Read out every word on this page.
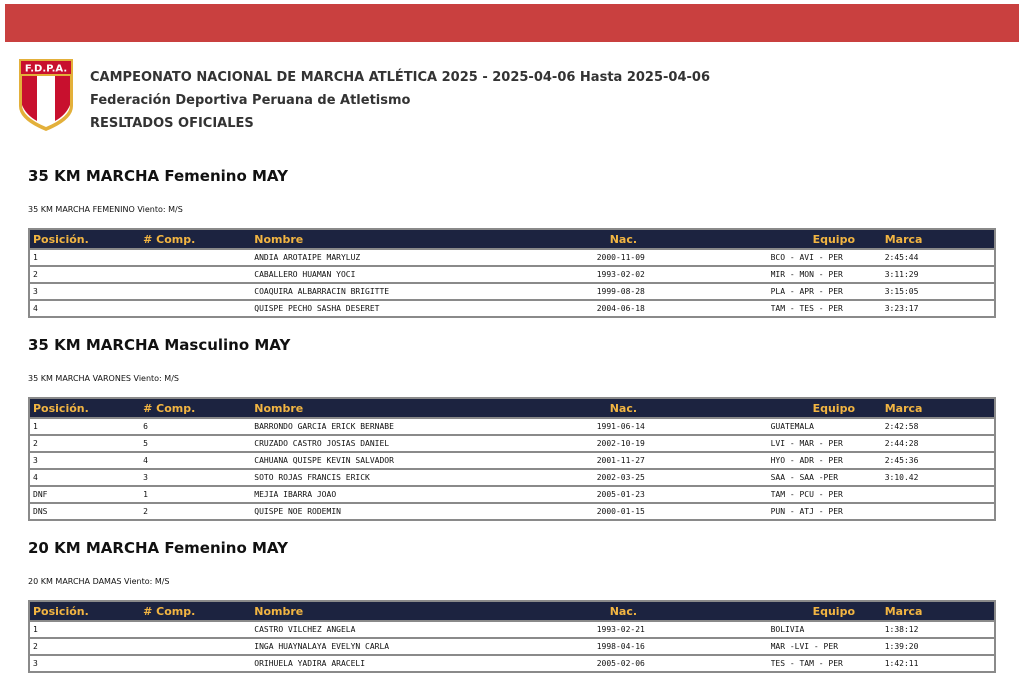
F.D.P.A.
CAMPEONATO NACIONAL DE MARCHA ATLÉTICA 2025 - 2025-04-06 Hasta 2025-04-06
Federación Deportiva Peruana de Atletismo
RESLTADOS OFICIALES
35 KM MARCHA Femenino MAY
35 KM MARCHA FEMENINO Viento: M/S
Posición.	# Comp.	Nombre	Nac.	Equipo	Marca
1		ANDIA AROTAIPE MARYLUZ	2000-11-09	BCO - AVI - PER	2:45:44
2		CABALLERO HUAMAN YOCI	1993-02-02	MIR - MON - PER	3:11:29
3		COAQUIRA ALBARRACIN BRIGITTE	1999-08-28	PLA - APR - PER	3:15:05
4		QUISPE PECHO SASHA DESERET	2004-06-18	TAM - TES - PER	3:23:17
35 KM MARCHA Masculino MAY
35 KM MARCHA VARONES Viento: M/S
Posición.	# Comp.	Nombre	Nac.	Equipo	Marca
1	6	BARRONDO GARCIA ERICK BERNABE	1991-06-14	GUATEMALA	2:42:58
2	5	CRUZADO CASTRO JOSIAS DANIEL	2002-10-19	LVI - MAR - PER	2:44:28
3	4	CAHUANA QUISPE KEVIN SALVADOR	2001-11-27	HYO - ADR - PER	2:45:36
4	3	SOTO ROJAS FRANCIS ERICK	2002-03-25	SAA - SAA -PER	3:10.42
DNF	1	MEJIA IBARRA JOAO	2005-01-23	TAM - PCU - PER	
DNS	2	QUISPE NOE RODEMIN	2000-01-15	PUN - ATJ - PER	
20 KM MARCHA Femenino MAY
20 KM MARCHA DAMAS Viento: M/S
Posición.	# Comp.	Nombre	Nac.	Equipo	Marca
1		CASTRO VILCHEZ ANGELA	1993-02-21	BOLIVIA	1:38:12
2		INGA HUAYNALAYA EVELYN CARLA	1998-04-16	MAR -LVI - PER	1:39:20
3		ORIHUELA YADIRA ARACELI	2005-02-06	TES - TAM - PER	1:42:11
